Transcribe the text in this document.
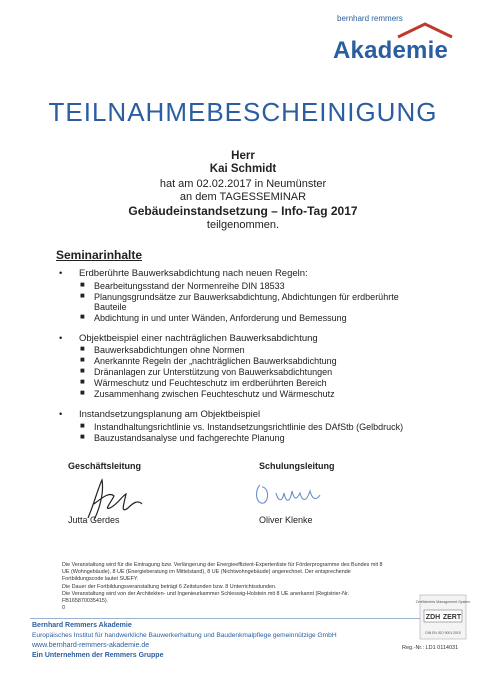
bernhard remmers
Akademie
TEILNAHMEBESCHEINIGUNG
Herr
Kai Schmidt
hat am 02.02.2017 in Neumünster
an dem TAGESSEMINAR
Gebäudeinstandsetzung – Info-Tag 2017
teilgenommen.
Seminarinhalte
• Erdberührte Bauwerksabdichtung nach neuen Regeln:
■ Bearbeitungsstand der Normenreihe DIN 18533
■ Planungsgrundsätze zur Bauwerksabdichtung, Abdichtungen für erdberührte
Bauteile
■ Abdichtung in und unter Wänden, Anforderung und Bemessung
• Objektbeispiel einer nachträglichen Bauwerksabdichtung
■ Bauwerksabdichtungen ohne Normen
■ Anerkannte Regeln der „nachträglichen Bauwerksabdichtung
■ Dränanlagen zur Unterstützung von Bauwerksabdichtungen
■ Wärmeschutz und Feuchteschutz im erdberührten Bereich
■ Zusammenhang zwischen Feuchteschutz und Wärmeschutz
• Instandsetzungsplanung am Objektbeispiel
■ Instandhaltungsrichtlinie vs. Instandsetzungsrichtlinie des DAfStb (Gelbdruck)
■ Bauzustandsanalyse und fachgerechte Planung
Geschäftsleitung	Schulungsleitung
Jutta Gerdes	Oliver Klenke
Die Veranstaltung wird für die Eintragung bzw. Verlängerung der Energieeffizient-Expertenliste für Förderprogramme des Bundes mit 8
UE (Wohngebäude), 8 UE (Energieberatung im Mittelstand), 8 UE (Nichtwohngebäude) angerechnet. Der entsprechende
Fortbildungscode lautet SUEFY.
Die Dauer der Fortbildungsveranstaltung beträgt 6 Zeitstunden bzw. 8 Unterrichtsstunden.
Die Veranstaltung wird von der Architekten- und Ingenieurkammer Schleswig-Holstein mit 8 UE anerkannt (Registrier-Nr.
FB165870035415).
0
Bernhard Remmers Akademie
Europäisches Institut für handwerkliche Bauwerkerhaltung und Baudenkmalpflege gemeinnützige GmbH
www.bernhard-remmers-akademie.de
Ein Unternehmen der Remmers Gruppe
Zertifiziertes Management-System
ZDH ZERT
DIN EN ISO 9001:2015
Reg.-Nr.: LD1 0114031
